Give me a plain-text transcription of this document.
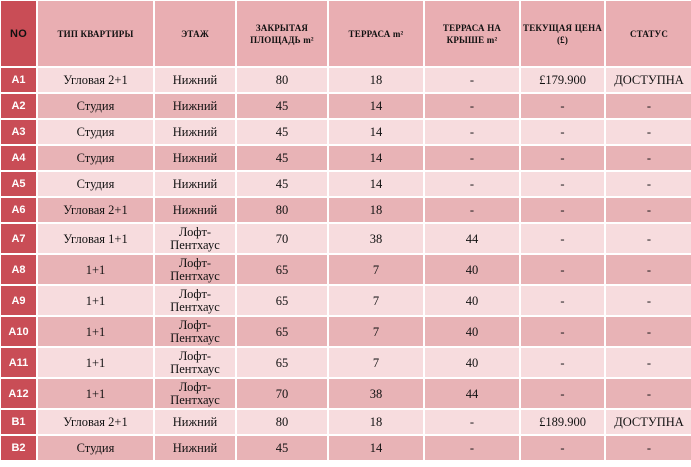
NO	ТИП КВАРТИРЫ	ЭТАЖ	ЗАКРЫТАЯ ПЛОЩАДЬ m²	ТЕРРАСА m²	ТЕРРАСА НА КРЫШЕ m²	ТЕКУЩАЯ ЦЕНА (£)	СТАТУС
A1	Угловая 2+1	Нижний	80	18	-	£179.900	ДОСТУПНА
A2	Студия	Нижний	45	14	-	-	-
A3	Студия	Нижний	45	14	-	-	-
A4	Студия	Нижний	45	14	-	-	-
A5	Студия	Нижний	45	14	-	-	-
A6	Угловая 2+1	Нижний	80	18	-	-	-
A7	Угловая 1+1	Лофт-Пентхаус	70	38	44	-	-
A8	1+1	Лофт-Пентхаус	65	7	40	-	-
A9	1+1	Лофт-Пентхаус	65	7	40	-	-
A10	1+1	Лофт-Пентхаус	65	7	40	-	-
A11	1+1	Лофт-Пентхаус	65	7	40	-	-
A12	1+1	Лофт-Пентхаус	70	38	44	-	-
B1	Угловая 2+1	Нижний	80	18	-	£189.900	ДОСТУПНА
B2	Студия	Нижний	45	14	-	-	-
